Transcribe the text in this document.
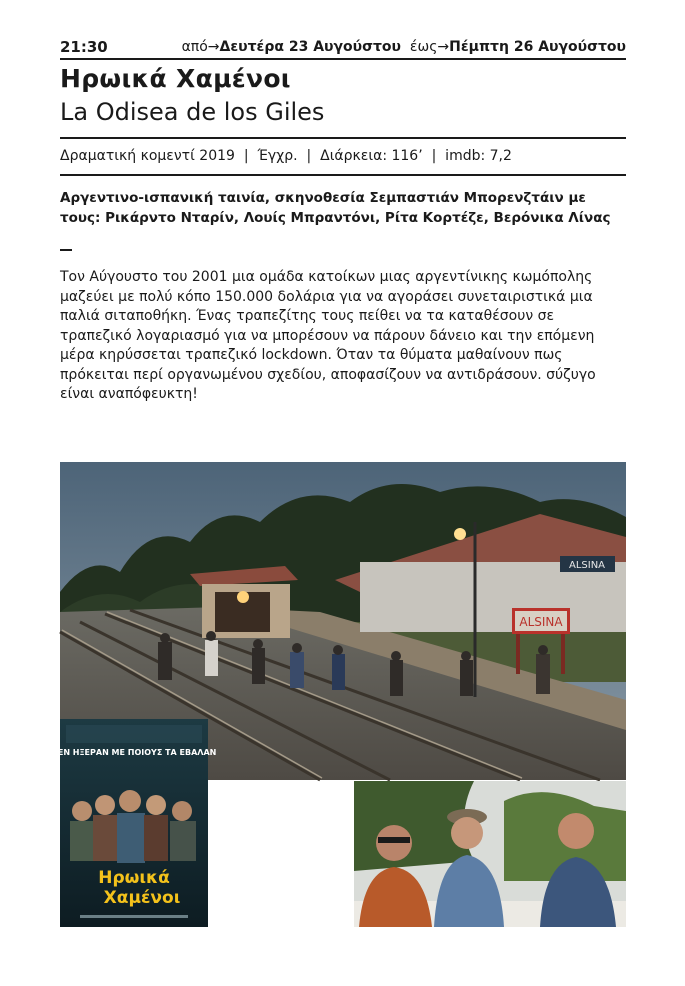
21:30	από→Δευτέρα 23 Αυγούστου έως→Πέμπτη 26 Αυγούστου
Ηρωικά Χαμένοι
La Odisea de los Giles
Δραματική κομεντί 2019  |  Έγχρ.  |  Διάρκεια: 116’  |  imdb: 7,2
Αργεντινο-ισπανική ταινία, σκηνοθεσία Σεμπαστιάν Μπορενζτάιν με τους: Ρικάρντο Νταρίν, Λουίς Μπραντόνι, Ρίτα Κορτέζε, Βερόνικα Λίνας
Τον Αύγουστο του 2001 μια ομάδα κατοίκων μιας αργεντίνικης κωμόπολης μαζεύει με πολύ κόπο 150.000 δολάρια για να αγοράσει συνεταιριστικά μια παλιά σιταποθήκη. Ένας τραπεζίτης τους πείθει να τα καταθέσουν σε τραπεζικό λογαριασμό για να μπορέσουν να πάρουν δάνειο και την επόμενη μέρα κηρύσσεται τραπεζικό lockdown. Όταν τα θύματα μαθαίνουν πως πρόκειται περί οργανωμένου σχεδίου, αποφασίζουν να αντιδράσουν. σύζυγο είναι αναπόφευκτη!
ALSINA
ALSINA
ΔΕΝ ΗΞΕΡΑΝ ΜΕ ΠΟΙΟΥΣ ΤΑ ΕΒΑΛΑΝ
Ηρωικά
Χαμένοι
